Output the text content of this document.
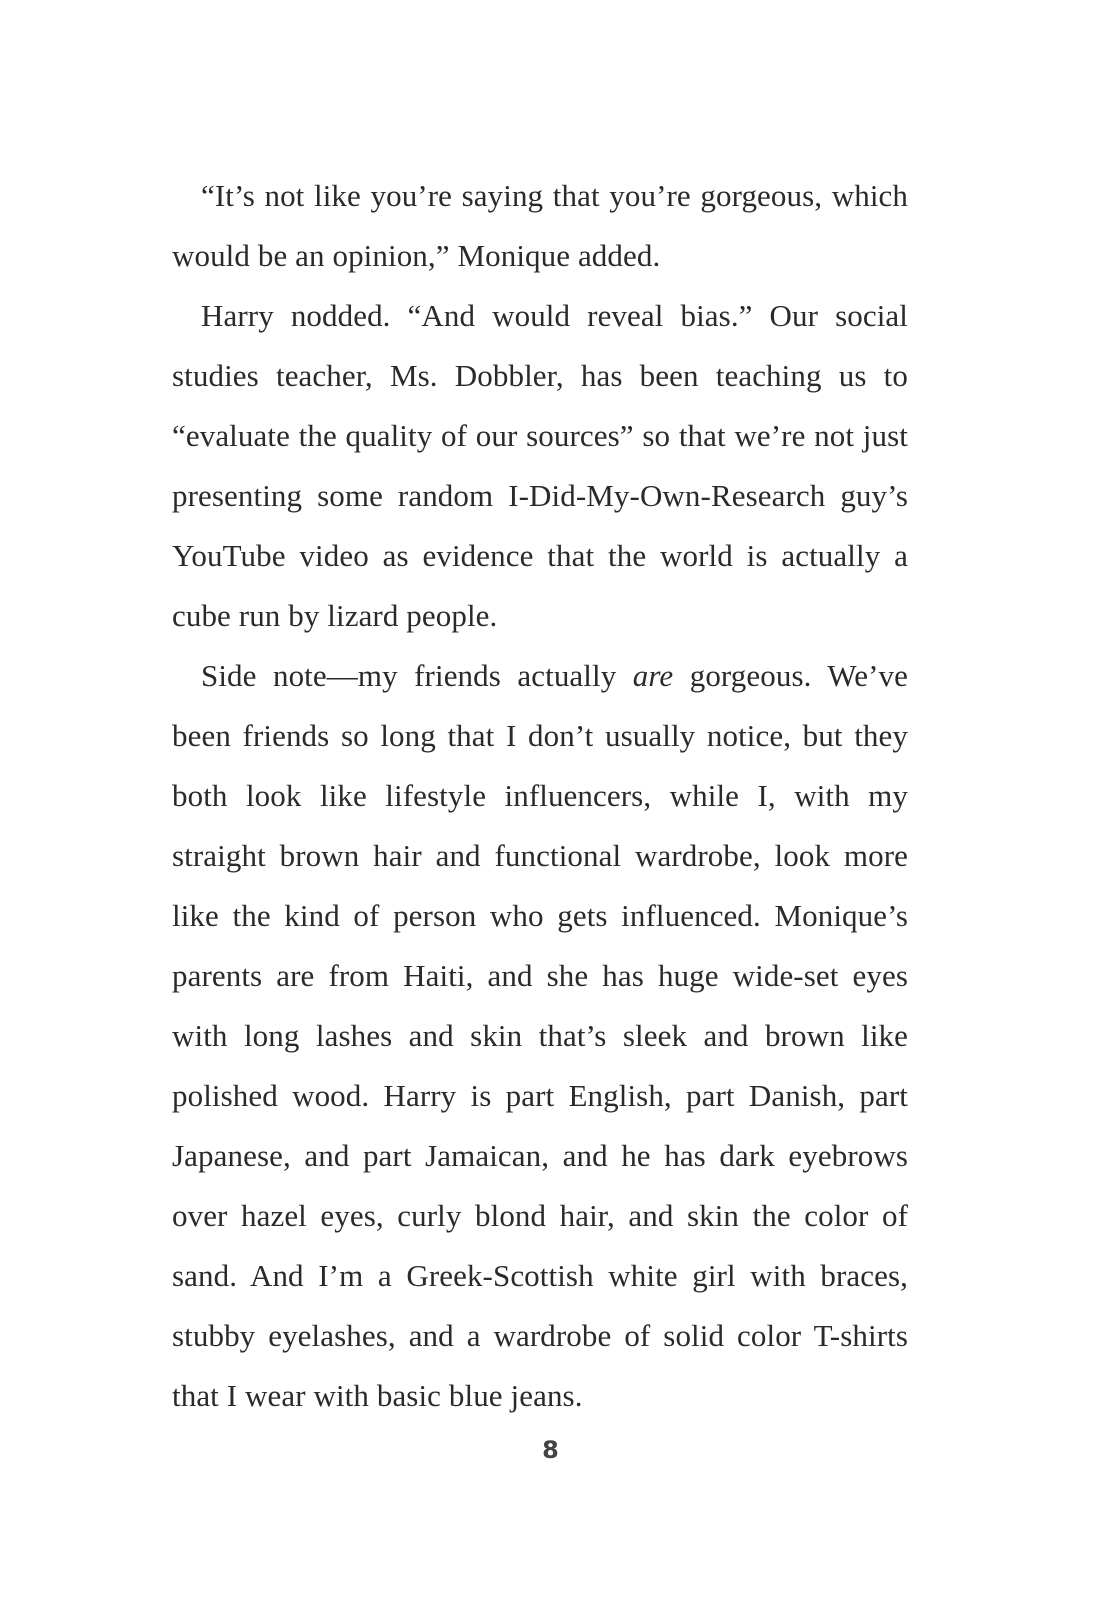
“It’s not like you’re saying that you’re gorgeous, which would be an opinion,” Monique added.

Harry nodded. “And would reveal bias.” Our social studies teacher, Ms. Dobbler, has been teaching us to “evaluate the quality of our sources” so that we’re not just presenting some random I-Did-My-Own-Research guy’s YouTube video as evidence that the world is actually a cube run by lizard people.

Side note—my friends actually are gorgeous. We’ve been friends so long that I don’t usually notice, but they both look like lifestyle influencers, while I, with my straight brown hair and functional wardrobe, look more like the kind of person who gets influenced. Monique’s parents are from Haiti, and she has huge wide-set eyes with long lashes and skin that’s sleek and brown like polished wood. Harry is part English, part Danish, part Japanese, and part Jamaican, and he has dark eyebrows over hazel eyes, curly blond hair, and skin the color of sand. And I’m a Greek-Scottish white girl with braces, stubby eyelashes, and a wardrobe of solid color T-shirts that I wear with basic blue jeans.

8
